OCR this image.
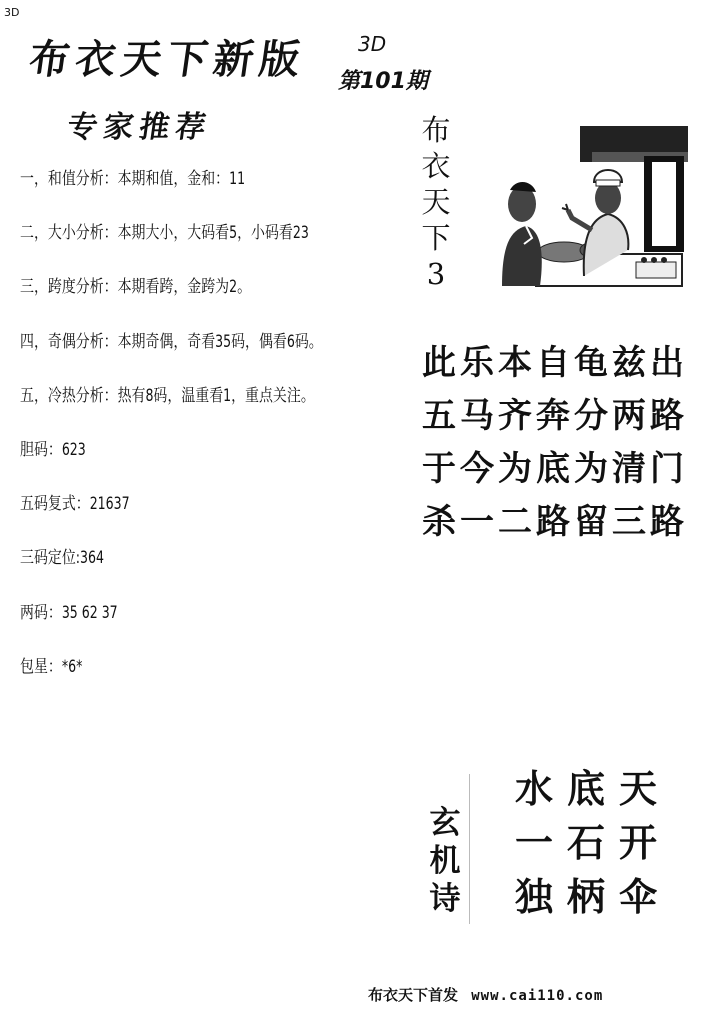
3D
布衣天下新版 3D
第101期
专家推荐
一，和值分析：本期和值，金和：11
二，大小分析：本期大小，大码看5，小码看23
三，跨度分析：本期看跨，金跨为2。
四，奇偶分析：本期奇偶，奇看35码，偶看6码。
五，冷热分析：热有8码，温重看1，重点关注。
胆码：623
五码复式：21637
三码定位:364
两码：35 62 37
包星：*6*
布
衣
天
下
3
此 乐 本 自 龟 兹 出
五 马 齐 奔 分 两 路
于 今 为 底 为 清 门
杀 一 二 路 留 三 路
玄
机
诗
水 底 天
一 石 开
独 柄 伞
布衣天下首发 www.cai110.com
